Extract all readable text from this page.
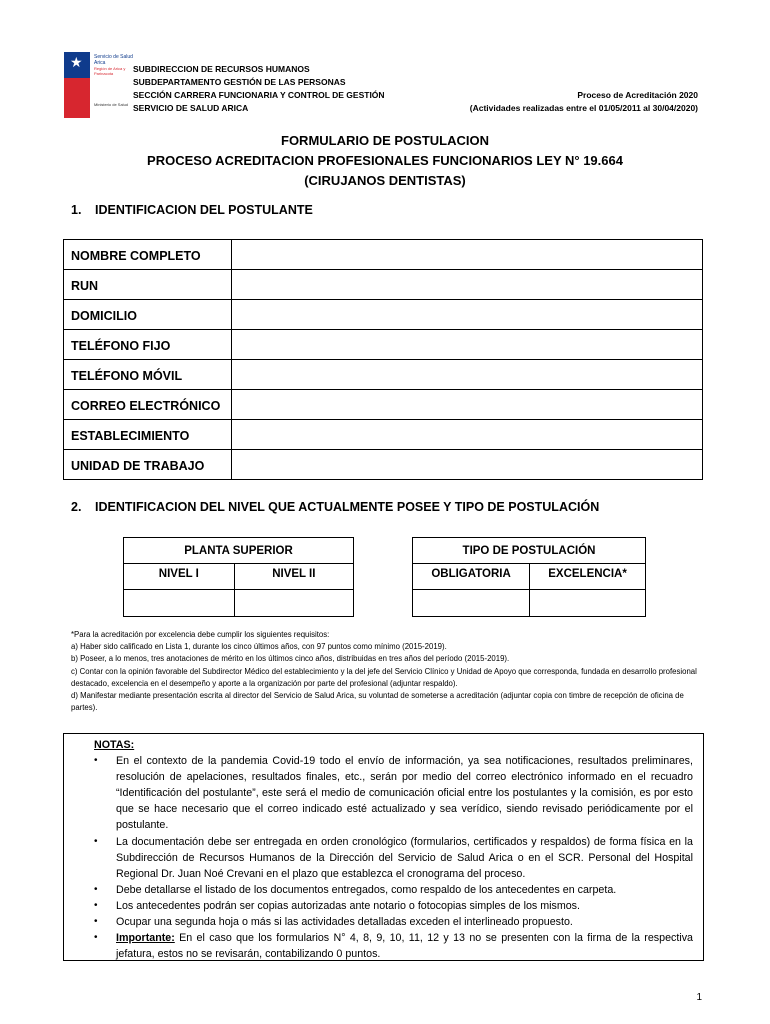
★
Servicio de Salud Arica
Región de Arica y Parinacota
Ministerio de Salud
SUBDIRECCION DE RECURSOS HUMANOS
SUBDEPARTAMENTO GESTIÓN DE LAS PERSONAS
SECCIÓN CARRERA FUNCIONARIA Y CONTROL DE GESTIÓN
SERVICIO DE SALUD ARICA
Proceso de Acreditación 2020
(Actividades realizadas entre el 01/05/2011 al 30/04/2020)
FORMULARIO DE POSTULACION
PROCESO ACREDITACION PROFESIONALES FUNCIONARIOS LEY N° 19.664
(CIRUJANOS DENTISTAS)
1. IDENTIFICACION DEL POSTULANTE
NOMBRE COMPLETO	
RUN	
DOMICILIO	
TELÉFONO FIJO	
TELÉFONO MÓVIL	
CORREO ELECTRÓNICO	
ESTABLECIMIENTO	
UNIDAD DE TRABAJO	
2. IDENTIFICACION DEL NIVEL QUE ACTUALMENTE POSEE Y TIPO DE POSTULACIÓN
PLANTA SUPERIOR	
NIVEL I	NIVEL II

TIPO DE POSTULACIÓN	
OBLIGATORIA	EXCELENCIA*

*Para la acreditación por excelencia debe cumplir los siguientes requisitos:
a) Haber sido calificado en Lista 1, durante los cinco últimos años, con 97 puntos como mínimo (2015-2019).
b) Poseer, a lo menos, tres anotaciones de mérito en los últimos cinco años, distribuidas en tres años del período (2015-2019).
c) Contar con la opinión favorable del Subdirector Médico del establecimiento y la del jefe del Servicio Clínico y Unidad de Apoyo que corresponda, fundada en desarrollo profesional destacado, excelencia en el desempeño y aporte a la organización por parte del profesional (adjuntar respaldo).
d) Manifestar mediante presentación escrita al director del Servicio de Salud Arica, su voluntad de someterse a acreditación (adjuntar copia con timbre de recepción de oficina de partes).
NOTAS:
• En el contexto de la pandemia Covid-19 todo el envío de información, ya sea notificaciones, resultados preliminares, resolución de apelaciones, resultados finales, etc., serán por medio del correo electrónico informado en el recuadro “Identificación del postulante”, este será el medio de comunicación oficial entre los postulantes y la comisión, es por esto que se hace necesario que el correo indicado esté actualizado y sea verídico, siendo revisado periódicamente por el postulante.
• La documentación debe ser entregada en orden cronológico (formularios, certificados y respaldos) de forma física en la Subdirección de Recursos Humanos de la Dirección del Servicio de Salud Arica o en el SCR. Personal del Hospital Regional Dr. Juan Noé Crevani en el plazo que establezca el cronograma del proceso.
• Debe detallarse el listado de los documentos entregados, como respaldo de los antecedentes en carpeta.
• Los antecedentes podrán ser copias autorizadas ante notario o fotocopias simples de los mismos.
• Ocupar una segunda hoja o más si las actividades detalladas exceden el interlineado propuesto.
• Importante: En el caso que los formularios N° 4, 8, 9, 10, 11, 12 y 13 no se presenten con la firma de la respectiva jefatura, estos no se revisarán, contabilizando 0 puntos.
1
